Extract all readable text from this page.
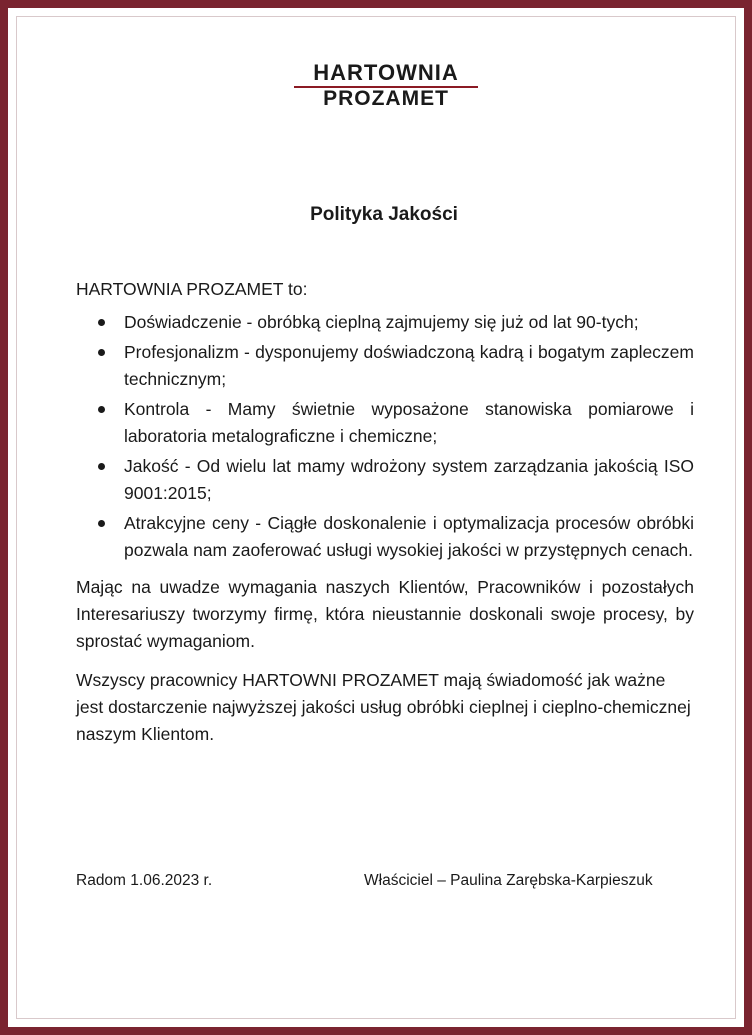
HARTOWNIA
PROZAMET
Polityka Jakości

HARTOWNIA PROZAMET to:

Doświadczenie - obróbką cieplną zajmujemy się już od lat 90-tych;
Profesjonalizm - dysponujemy doświadczoną kadrą i bogatym zapleczem technicznym;
Kontrola - Mamy świetnie wyposażone stanowiska pomiarowe i laboratoria metalograficzne i chemiczne;
Jakość - Od wielu lat mamy wdrożony system zarządzania jakością ISO 9001:2015;
Atrakcyjne ceny - Ciągłe doskonalenie i optymalizacja procesów obróbki pozwala nam zaoferować usługi wysokiej jakości w przystępnych cenach.

Mając na uwadze wymagania naszych Klientów, Pracowników i pozostałych Interesariuszy tworzymy firmę, która nieustannie doskonali swoje procesy, by sprostać wymaganiom.

Wszyscy pracownicy HARTOWNI PROZAMET mają świadomość jak ważne jest dostarczenie najwyższej jakości usług obróbki cieplnej i cieplno-chemicznej naszym Klientom.

Radom 1.06.2023 r.	Właściciel – Paulina Zarębska-Karpieszuk
